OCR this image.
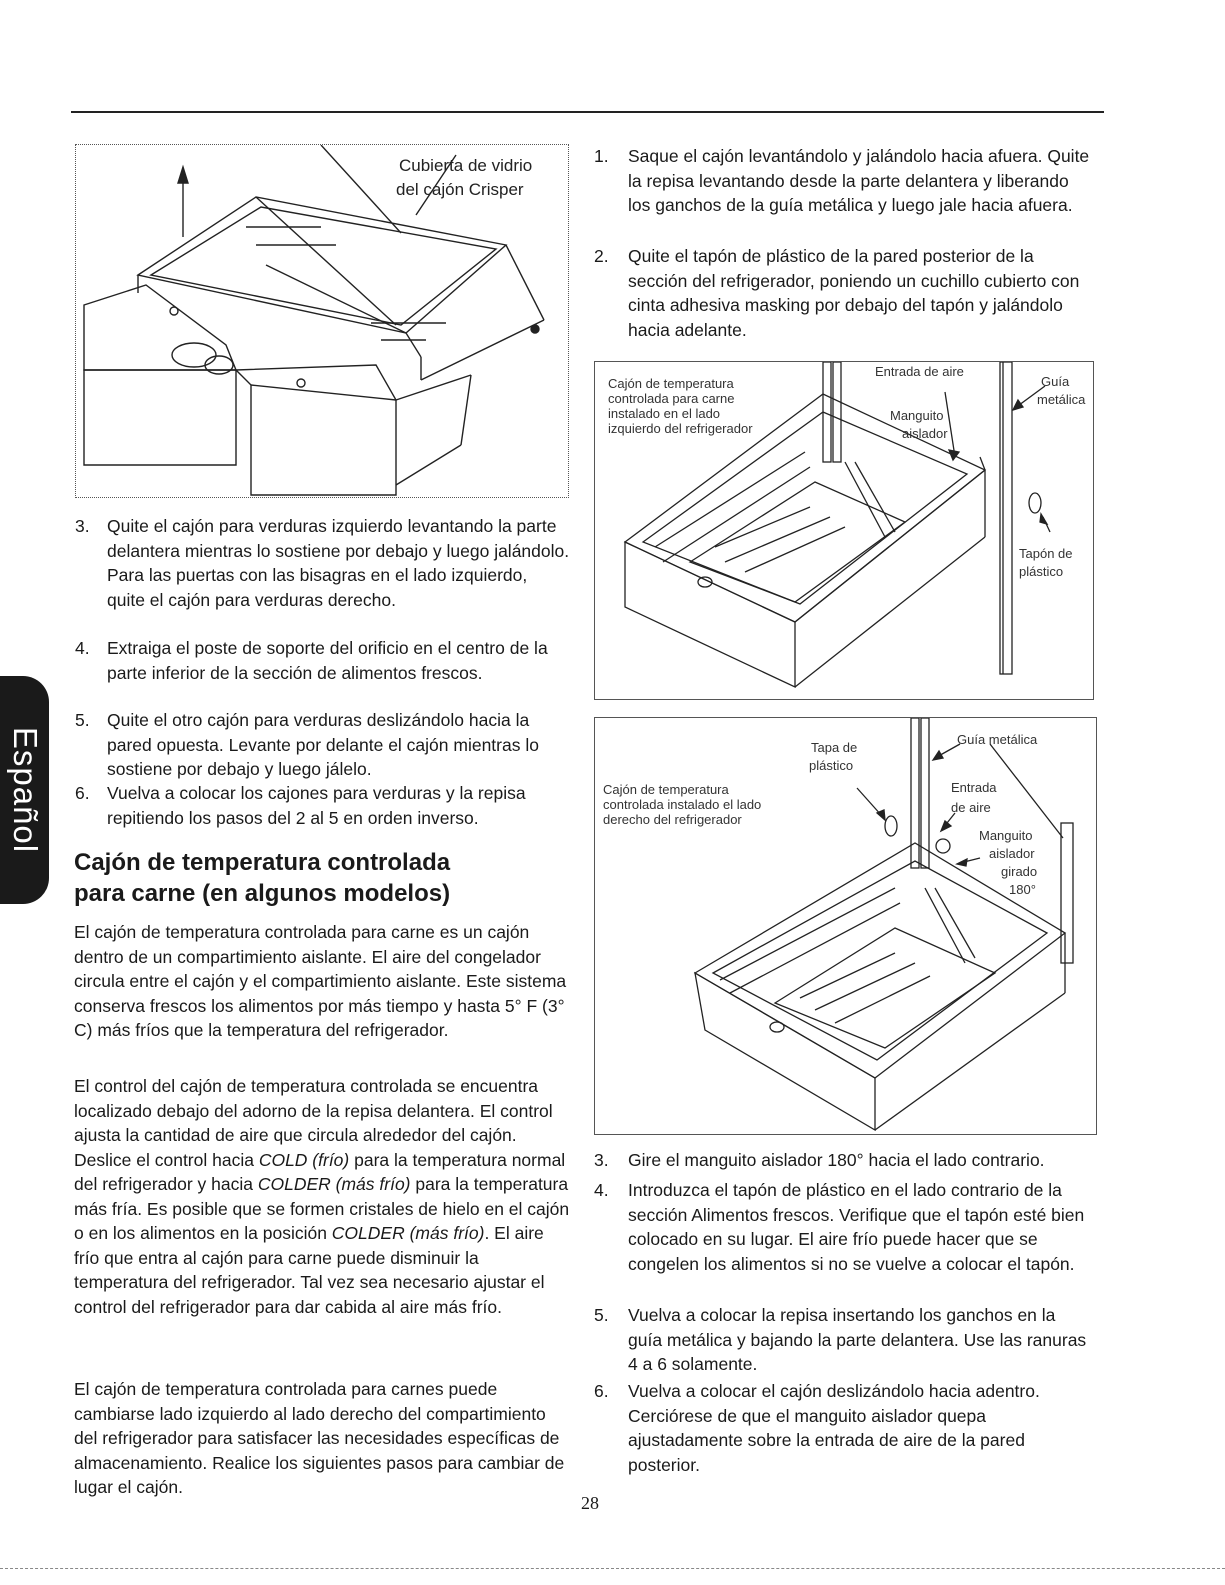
Español
Cubierta de vidrio
del cajón Crisper
3. Quite el cajón para verduras izquierdo levantando la parte delantera mientras lo sostiene por debajo y luego jalándolo. Para las puertas con las bisagras en el lado izquierdo, quite el cajón para verduras derecho.
4. Extraiga el poste de soporte del orificio en el centro de la parte inferior de la sección de alimentos frescos.
5. Quite el otro cajón para verduras deslizándolo hacia la pared opuesta. Levante por delante el cajón mientras lo sostiene por debajo y luego jálelo.
6. Vuelva a colocar los cajones para verduras y la repisa repitiendo los pasos del 2 al 5 en orden inverso.
Cajón de temperatura controlada
para carne (en algunos modelos)

El cajón de temperatura controlada para carne es un cajón dentro de un compartimiento aislante. El aire del congelador circula entre el cajón y el compartimiento aislante. Este sistema conserva frescos los alimentos por más tiempo y hasta 5° F (3° C) más fríos que la temperatura del refrigerador.

El control del cajón de temperatura controlada se encuentra localizado debajo del adorno de la repisa delantera. El control ajusta la cantidad de aire que circula alrededor del cajón. Deslice el control hacia COLD (frío) para la temperatura normal del refrigerador y hacia COLDER (más frío) para la temperatura más fría. Es posible que se formen cristales de hielo en el cajón o en los alimentos en la posición COLDER (más frío). El aire frío que entra al cajón para carne puede disminuir la temperatura del refrigerador. Tal vez sea necesario ajustar el control del refrigerador para dar cabida al aire más frío.

El cajón de temperatura controlada para carnes puede cambiarse lado izquierdo al lado derecho del compartimiento del refrigerador para satisfacer las necesidades específicas de almacenamiento. Realice los siguientes pasos para cambiar de lugar el cajón.

1. Saque el cajón levantándolo y jalándolo hacia afuera. Quite la repisa levantando desde la parte delantera y liberando los ganchos de la guía metálica y luego jale hacia afuera.
2. Quite el tapón de plástico de la pared posterior de la sección del refrigerador, poniendo un cuchillo cubierto con cinta adhesiva masking por debajo del tapón y jalándolo hacia adelante.
Cajón de temperatura controlada para carne instalado en el lado izquierdo del refrigerador
Entrada de aire
Manguito
aislador
Guía
metálica
Tapón de
plástico
Cajón de temperatura controlada instalado el lado derecho del refrigerador
Tapa de
plástico
Guía metálica
Entrada
de aire
Manguito
aislador
girado
180°
3. Gire el manguito aislador 180° hacia el lado contrario.
4. Introduzca el tapón de plástico en el lado contrario de la sección Alimentos frescos. Verifique que el tapón esté bien colocado en su lugar. El aire frío puede hacer que se congelen los alimentos si no se vuelve a colocar el tapón.
5. Vuelva a colocar la repisa insertando los ganchos en la guía metálica y bajando la parte delantera. Use las ranuras 4 a 6 solamente.
6. Vuelva a colocar el cajón deslizándolo hacia adentro. Cerciórese de que el manguito aislador quepa ajustadamente sobre la entrada de aire de la pared posterior.
28
